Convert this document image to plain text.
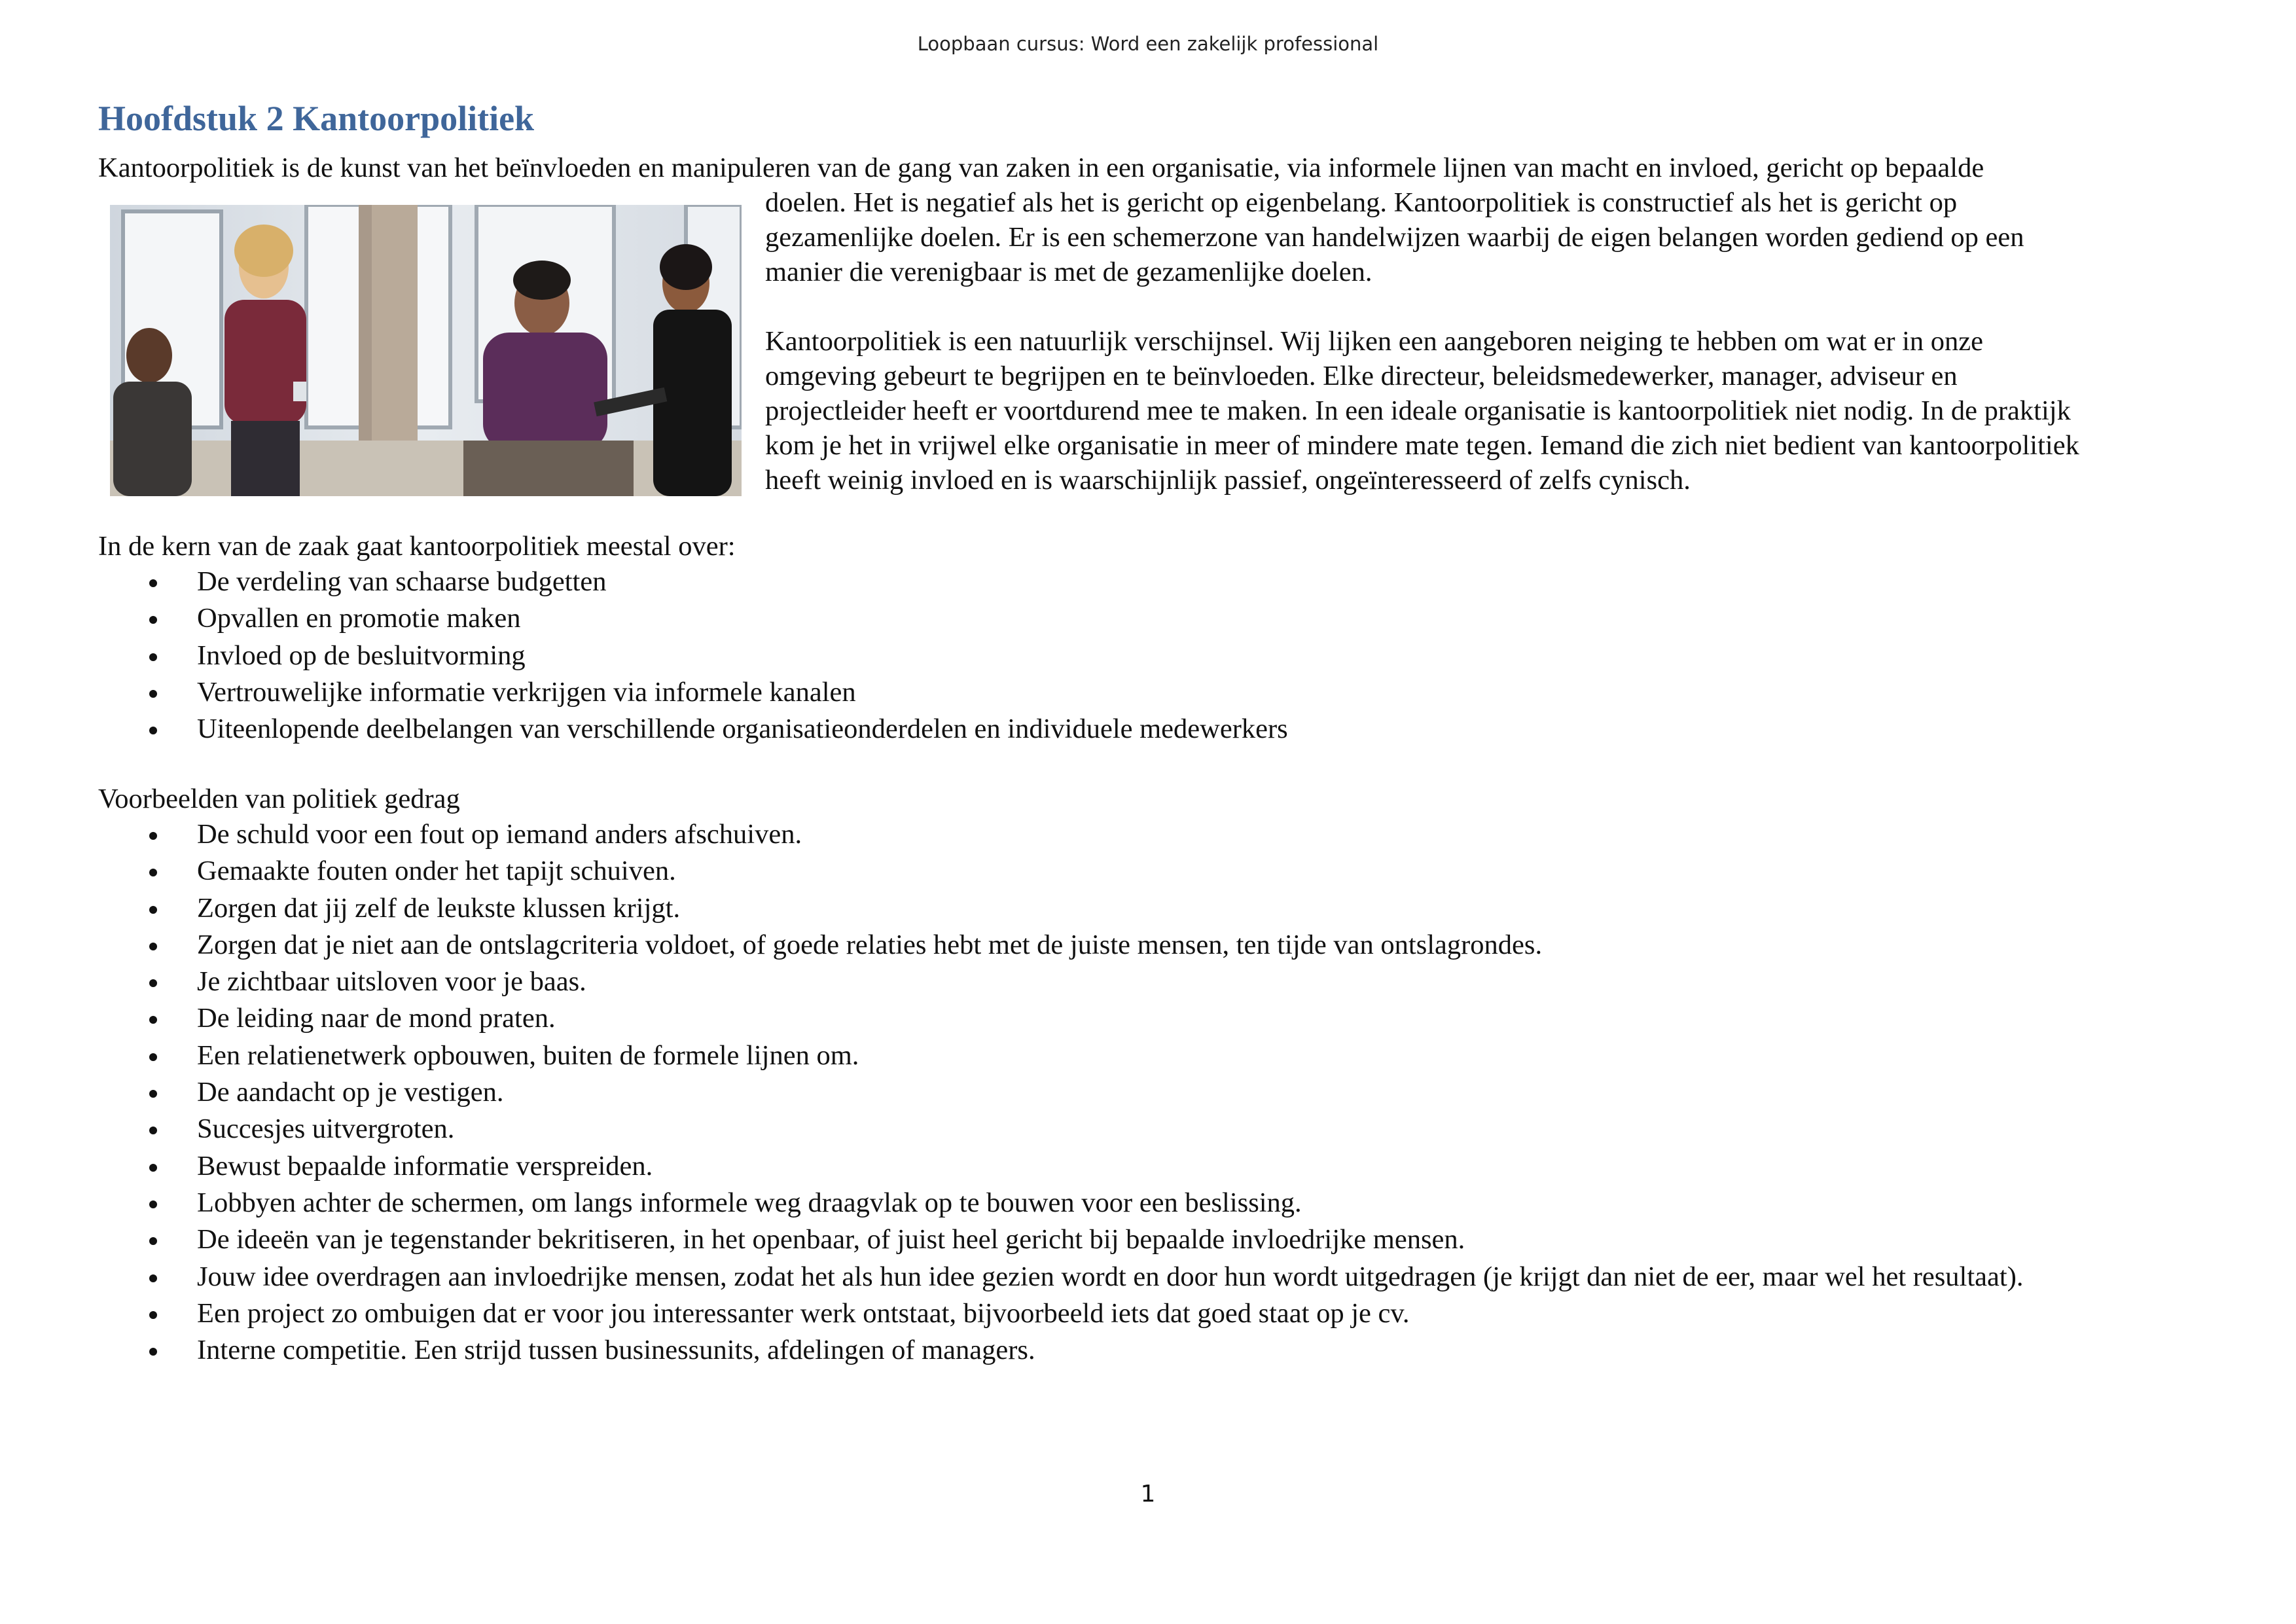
Loopbaan cursus: Word een zakelijk professional
Hoofdstuk 2 Kantoorpolitiek
Kantoorpolitiek is de kunst van het beïnvloeden en manipuleren van de gang van zaken in een organisatie, via informele lijnen van macht en invloed, gericht op bepaalde
doelen. Het is negatief als het is gericht op eigenbelang. Kantoorpolitiek is constructief als het is gericht op
gezamenlijke doelen. Er is een schemerzone van handelwijzen waarbij de eigen belangen worden gediend op een
manier die verenigbaar is met de gezamenlijke doelen.
Kantoorpolitiek is een natuurlijk verschijnsel. Wij lijken een aangeboren neiging te hebben om wat er in onze
omgeving gebeurt te begrijpen en te beïnvloeden. Elke directeur, beleidsmedewerker, manager, adviseur en
projectleider heeft er voortdurend mee te maken. In een ideale organisatie is kantoorpolitiek niet nodig. In de praktijk
kom je het in vrijwel elke organisatie in meer of mindere mate tegen. Iemand die zich niet bedient van kantoorpolitiek
heeft weinig invloed en is waarschijnlijk passief, ongeïnteresseerd of zelfs cynisch.
In de kern van de zaak gaat kantoorpolitiek meestal over:
De verdeling van schaarse budgetten
Opvallen en promotie maken
Invloed op de besluitvorming
Vertrouwelijke informatie verkrijgen via informele kanalen
Uiteenlopende deelbelangen van verschillende organisatieonderdelen en individuele medewerkers
Voorbeelden van politiek gedrag
De schuld voor een fout op iemand anders afschuiven.
Gemaakte fouten onder het tapijt schuiven.
Zorgen dat jij zelf de leukste klussen krijgt.
Zorgen dat je niet aan de ontslagcriteria voldoet, of goede relaties hebt met de juiste mensen, ten tijde van ontslagrondes.
Je zichtbaar uitsloven voor je baas.
De leiding naar de mond praten.
Een relatienetwerk opbouwen, buiten de formele lijnen om.
De aandacht op je vestigen.
Succesjes uitvergroten.
Bewust bepaalde informatie verspreiden.
Lobbyen achter de schermen, om langs informele weg draagvlak op te bouwen voor een beslissing.
De ideeën van je tegenstander bekritiseren, in het openbaar, of juist heel gericht bij bepaalde invloedrijke mensen.
Jouw idee overdragen aan invloedrijke mensen, zodat het als hun idee gezien wordt en door hun wordt uitgedragen (je krijgt dan niet de eer, maar wel het resultaat).
Een project zo ombuigen dat er voor jou interessanter werk ontstaat, bijvoorbeeld iets dat goed staat op je cv.
Interne competitie. Een strijd tussen businessunits, afdelingen of managers.
1
